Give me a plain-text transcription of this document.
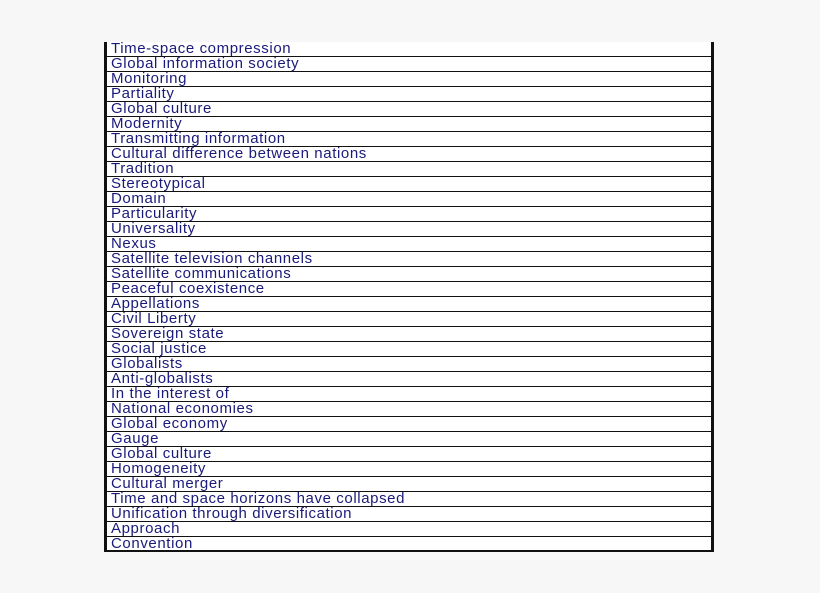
Time-space compression
Global information society
Monitoring
Partiality
Global culture
Modernity
Transmitting information
Cultural difference between nations
Tradition
Stereotypical
Domain
Particularity
Universality
Nexus
Satellite television channels
Satellite communications
Peaceful coexistence
Appellations
Civil Liberty
Sovereign state
Social justice
Globalists
Anti-globalists
In the interest of
National economies
Global economy
Gauge
Global culture
Homogeneity
Cultural merger
Time and space horizons have collapsed
Unification through diversification
Approach
Convention
